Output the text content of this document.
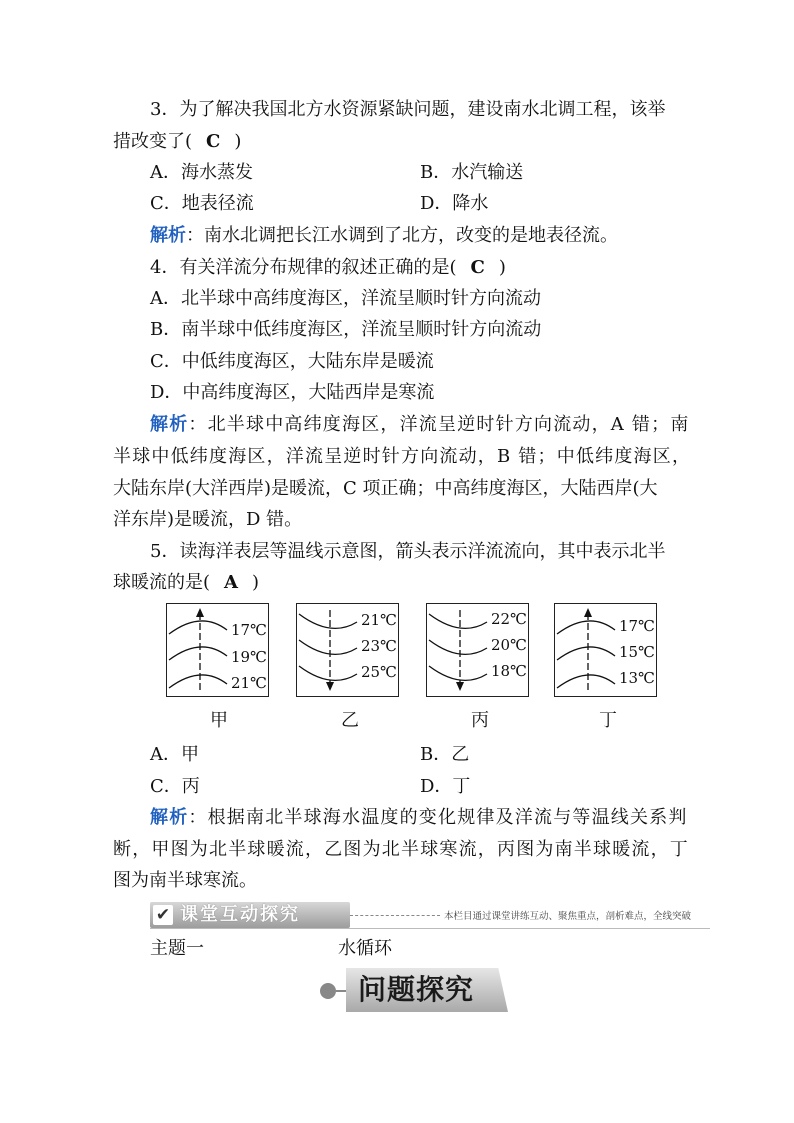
3．为了解决我国北方水资源紧缺问题，建设南水北调工程，该举
措改变了( C )
A．海水蒸发	B．水汽输送
C．地表径流	D．降水
解析：南水北调把长江水调到了北方，改变的是地表径流。
4．有关洋流分布规律的叙述正确的是( C )
A．北半球中高纬度海区，洋流呈顺时针方向流动
B．南半球中低纬度海区，洋流呈顺时针方向流动
C．中低纬度海区，大陆东岸是暖流
D．中高纬度海区，大陆西岸是寒流
解析：北半球中高纬度海区，洋流呈逆时针方向流动，A 错；南
半球中低纬度海区，洋流呈逆时针方向流动，B 错；中低纬度海区，
大陆东岸(大洋西岸)是暖流，C 项正确；中高纬度海区，大陆西岸(大
洋东岸)是暖流，D 错。
5．读海洋表层等温线示意图，箭头表示洋流流向，其中表示北半
球暖流的是( A )
17℃
19℃
21℃
甲
21℃
23℃
25℃
乙
22℃
20℃
18℃
丙
17℃
15℃
13℃
丁
A．甲	B．乙
C．丙	D．丁
解析：根据南北半球海水温度的变化规律及洋流与等温线关系判
断，甲图为北半球暖流，乙图为北半球寒流，丙图为南半球暖流，丁
图为南半球寒流。
✔ 课堂互动探究	本栏目通过课堂讲练互动、聚焦重点，剖析难点，全线突破
主题一	水循环
问题探究
